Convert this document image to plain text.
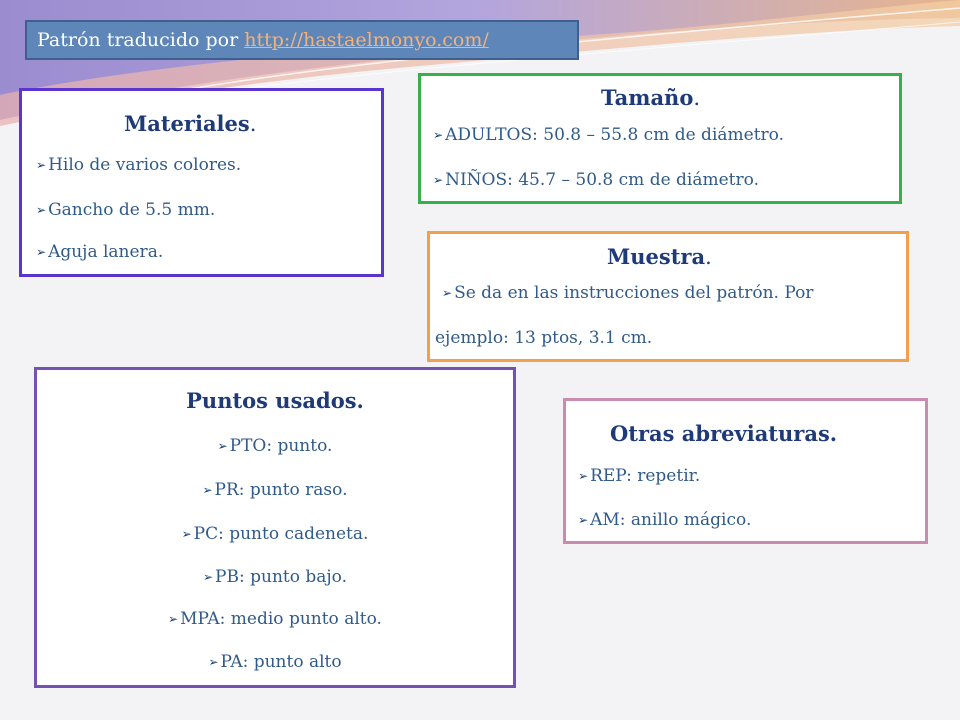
Patrón traducido por http://hastaelmonyo.com/
Materiales.
➢ Hilo de varios colores.
➢ Gancho de 5.5 mm.
➢ Aguja lanera.
Tamaño.
➢ ADULTOS: 50.8 – 55.8 cm de diámetro.
➢ NIÑOS: 45.7 – 50.8 cm de diámetro.
Muestra.
➢ Se da en las instrucciones del patrón. Por
ejemplo: 13 ptos, 3.1 cm.
Puntos usados.
➢ PTO: punto.
➢ PR: punto raso.
➢ PC: punto cadeneta.
➢ PB: punto bajo.
➢ MPA: medio punto alto.
➢ PA: punto alto
Otras abreviaturas.
➢ REP: repetir.
➢ AM: anillo mágico.
